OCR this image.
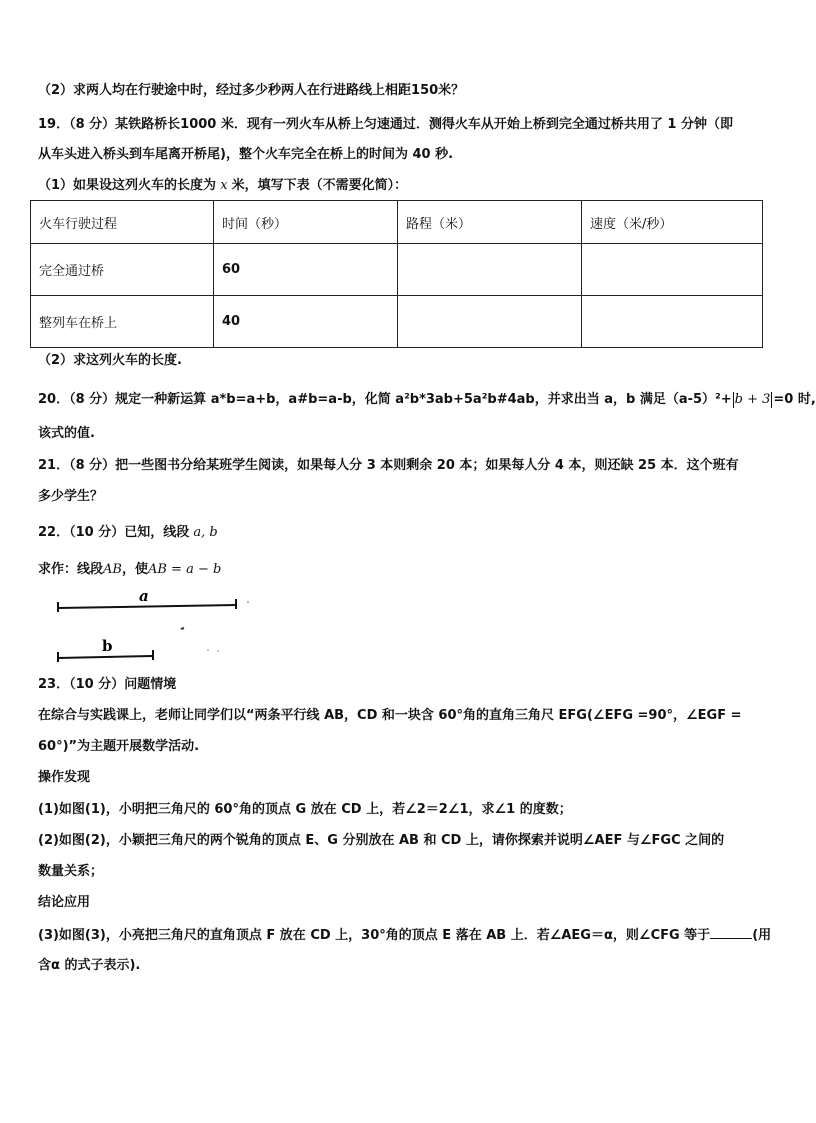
（2）求两人均在行驶途中时，经过多少秒两人在行进路线上相距150米？
19．（8 分）某铁路桥长1000 米．现有一列火车从桥上匀速通过．测得火车从开始上桥到完全通过桥共用了 1 分钟（即
从车头进入桥头到车尾离开桥尾)，整个火车完全在桥上的时间为 40 秒.
（1）如果设这列火车的长度为 x 米，填写下表（不需要化简）：
火车行驶过程	时间（秒）	路程（米）	速度（米/秒）
完全通过桥	60		
整列车在桥上	40		
（2）求这列火车的长度.
20．（8 分）规定一种新运算 a*b=a+b，a#b=a-b，化简 a²b*3ab+5a²b#4ab，并求出当 a，b 满足（a-5）²+ b + 3 =0 时,
该式的值.
21．（8 分）把一些图书分给某班学生阅读，如果每人分 3 本则剩余 20 本；如果每人分 4 本，则还缺 25 本．这个班有
多少学生？
22．（10 分）已知，线段 a, b
求作：线段AB，使AB = a − b
a
b
23．（10 分）问题情境
在综合与实践课上，老师让同学们以“两条平行线 AB，CD 和一块含 60°角的直角三角尺 EFG(∠EFG =90°，∠EGF =
60°)”为主题开展数学活动.
操作发现
(1)如图(1)，小明把三角尺的 60°角的顶点 G 放在 CD 上，若∠2＝2∠1，求∠1 的度数；
(2)如图(2)，小颖把三角尺的两个锐角的顶点 E、G 分别放在 AB 和 CD 上，请你探索并说明∠AEF 与∠FGC 之间的
数量关系；
结论应用
(3)如图(3)，小亮把三角尺的直角顶点 F 放在 CD 上，30°角的顶点 E 落在 AB 上．若∠AEG＝α，则∠CFG 等于	(用
含α 的式子表示).
